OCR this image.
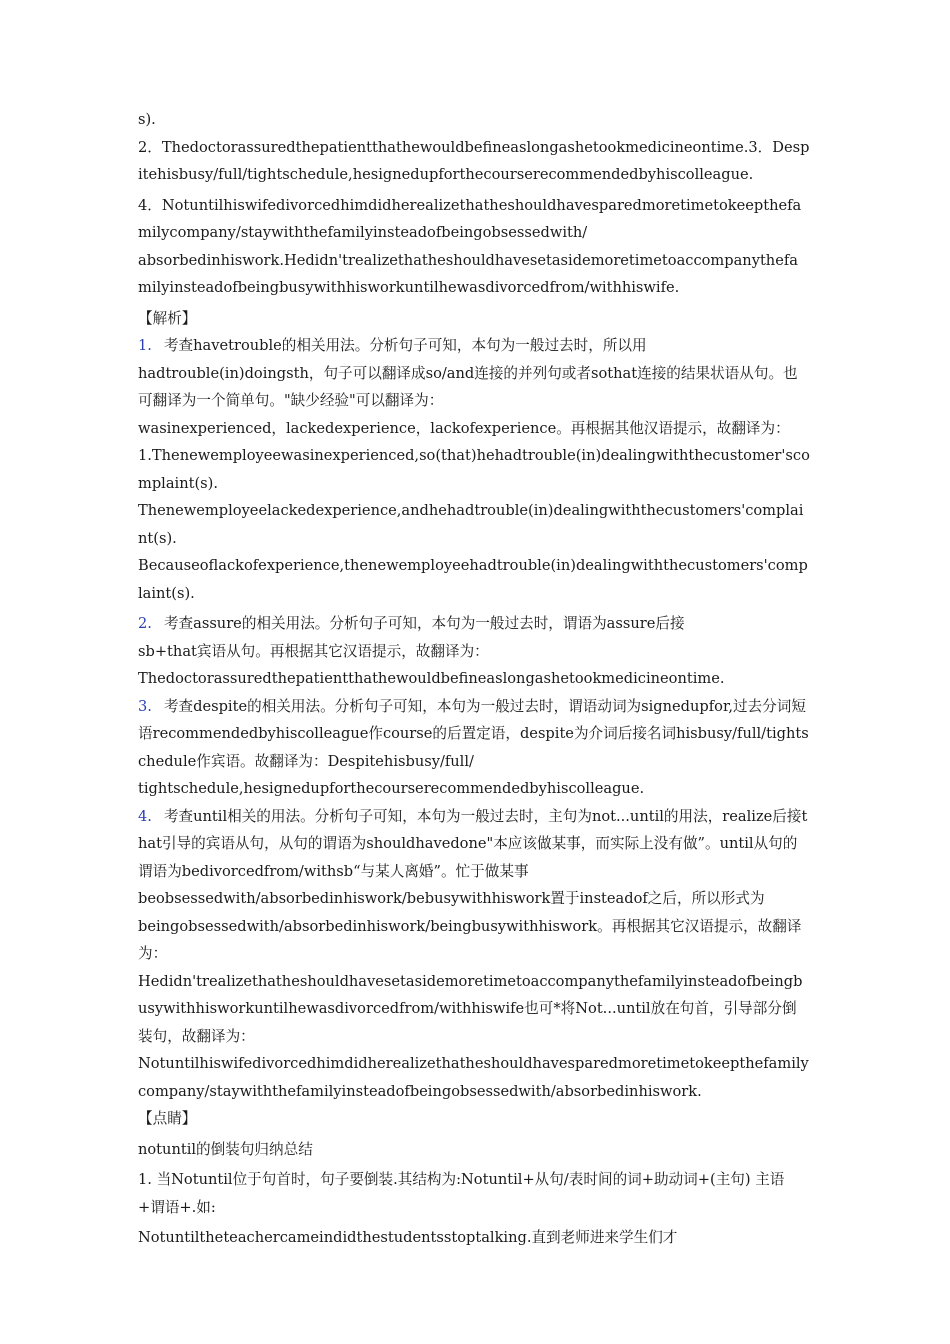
s).

2．Thedoctorassuredthepatientthathewouldbefineaslongashetookmedicineontime.3．Despitehisbusy/full/tightschedule,hesignedupforthecourserecommendedbyhiscolleague.

4．Notuntilhiswifedivorcedhimdidherealizethatheshouldhavesparedmoretimetokeepthefamilycompany/staywiththefamilyinsteadofbeingobsessedwith/

absorbedinhiswork.Hedidn'trealizethatheshouldhavesetasidemoretimetoaccompanythefamilyinsteadofbeingbusywithhisworkuntilhewasdivorcedfrom/withhiswife.

【解析】

1. 考查havetrouble的相关用法。分析句子可知，本句为一般过去时，所以用

hadtrouble(in)doingsth，句子可以翻译成so/and连接的并列句或者sothat连接的结果状语从句。也可翻译为一个简单句。"缺少经验"可以翻译为：

wasinexperienced，lackedexperience，lackofexperience。再根据其他汉语提示，故翻译为：

1.Thenewemployeewasinexperienced,so(that)hehadtrouble(in)dealingwiththecustomer'scomplaint(s).

Thenewemployeelackedexperience,andhehadtrouble(in)dealingwiththecustomers'complaint(s).

Becauseoflackofexperience,thenewemployeehadtrouble(in)dealingwiththecustomers'complaint(s).

2. 考查assure的相关用法。分析句子可知，本句为一般过去时，谓语为assure后接

sb+that宾语从句。再根据其它汉语提示，故翻译为：

Thedoctorassuredthepatientthathewouldbefineaslongashetookmedicineontime.

3. 考查despite的相关用法。分析句子可知，本句为一般过去时，谓语动词为signedupfor,过去分词短语recommendedbyhiscolleague作course的后置定语，despite为介词后接名词hisbusy/full/tightschedule作宾语。故翻译为：Despitehisbusy/full/

tightschedule,hesignedupforthecourserecommendedbyhiscolleague.

4. 考查until相关的用法。分析句子可知，本句为一般过去时，主句为not...until的用法，realize后接that引导的宾语从句，从句的谓语为shouldhavedone"本应该做某事，而实际上没有做”。until从句的谓语为bedivorcedfrom/withsb“与某人离婚”。忙于做某事

beobsessedwith/absorbedinhiswork/bebusywithhiswork置于insteadof之后，所以形式为

beingobsessedwith/absorbedinhiswork/beingbusywithhiswork。再根据其它汉语提示，故翻译为：

Hedidn'trealizethatheshouldhavesetasidemoretimetoaccompanythefamilyinsteadofbeingbusywithhisworkuntilhewasdivorcedfrom/withhiswife也可*将Not...until放在句首，引导部分倒装句，故翻译为：

Notuntilhiswifedivorcedhimdidherealizethatheshouldhavesparedmoretimetokeepthefamilycompany/staywiththefamilyinsteadofbeingobsessedwith/absorbedinhiswork.

【点睛】

notuntil的倒装句归纳总结

1. 当Notuntil位于句首时，句子要倒装.其结构为:Notuntil+从句/表时间的词+助动词+(主句) 主语+谓语+.如:

Notuntiltheteachercameindidthestudentsstoptalking.直到老师进来学生们才
